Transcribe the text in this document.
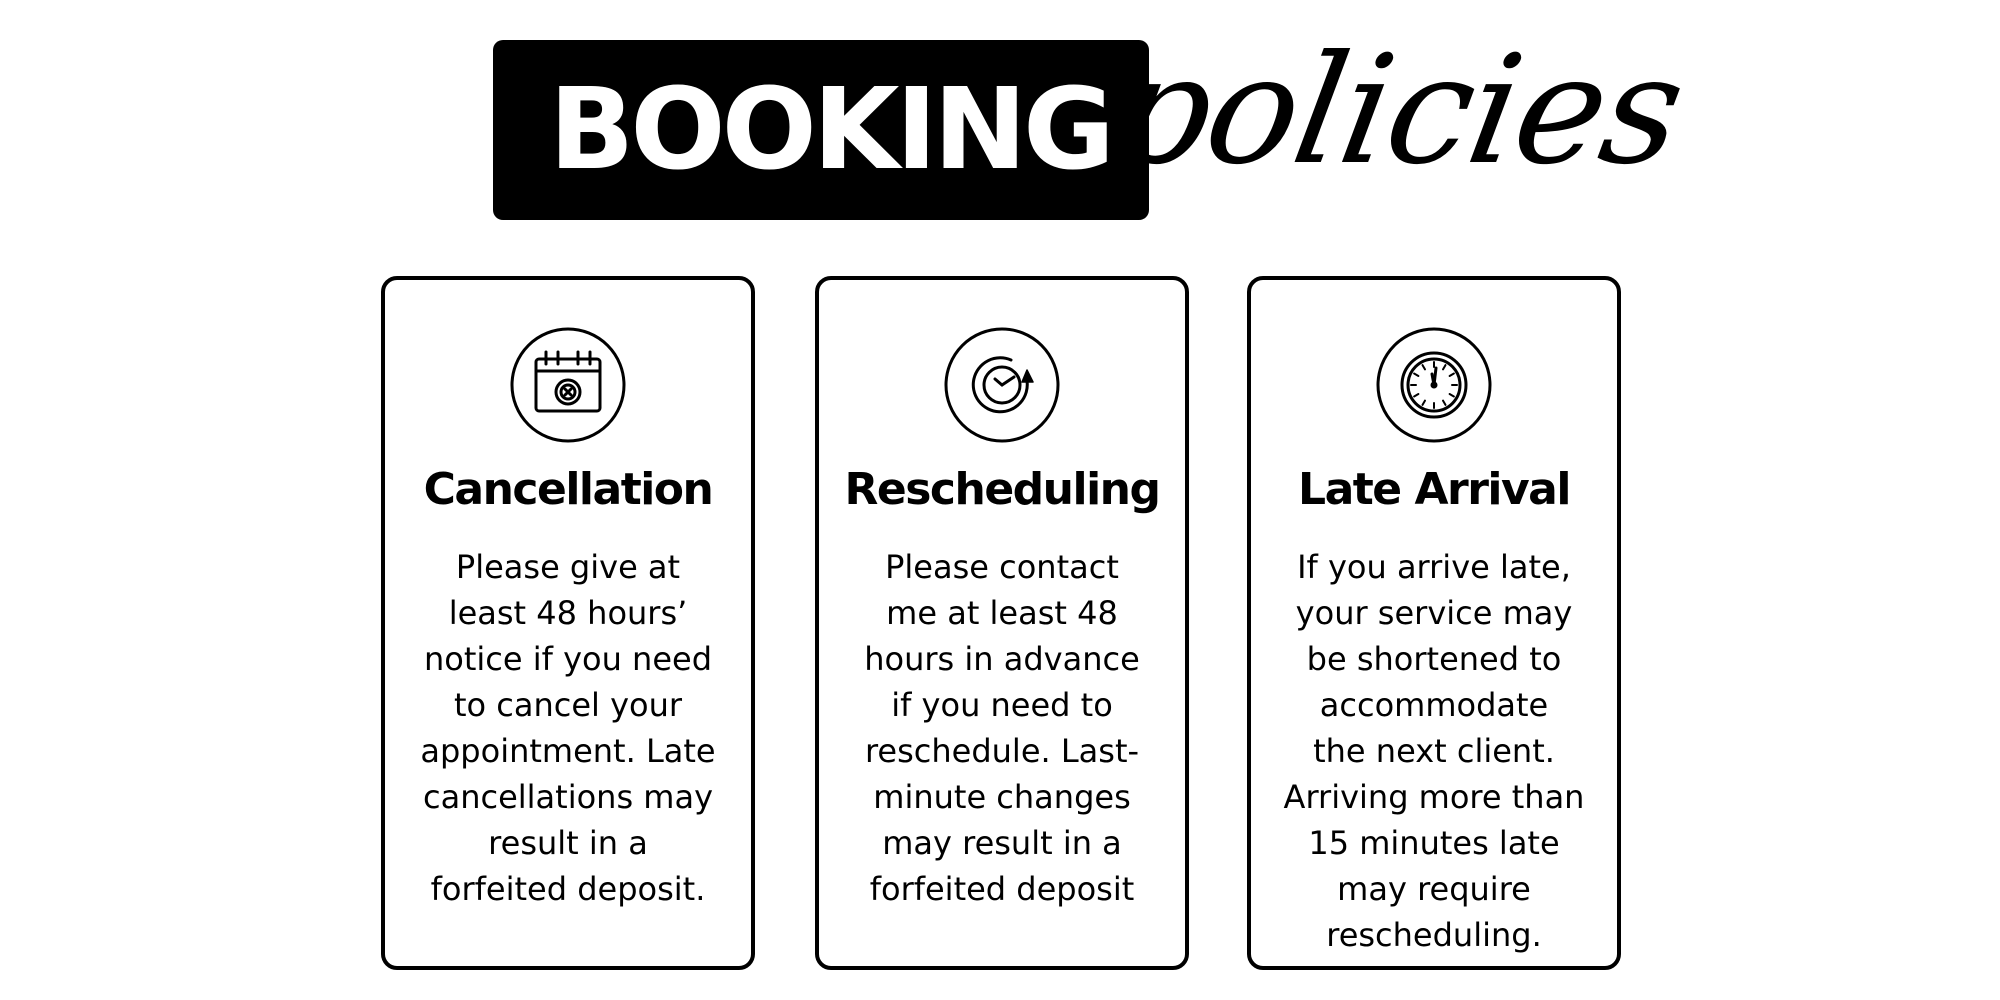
BOOKING
policies
Cancellation
Please give at
least 48 hours’
notice if you need
to cancel your
appointment. Late
cancellations may
result in a
forfeited deposit.
Rescheduling
Please contact
me at least 48
hours in advance
if you need to
reschedule. Last-
minute changes
may result in a
forfeited deposit
Late Arrival
If you arrive late,
your service may
be shortened to
accommodate
the next client.
Arriving more than
15 minutes late
may require
rescheduling.
